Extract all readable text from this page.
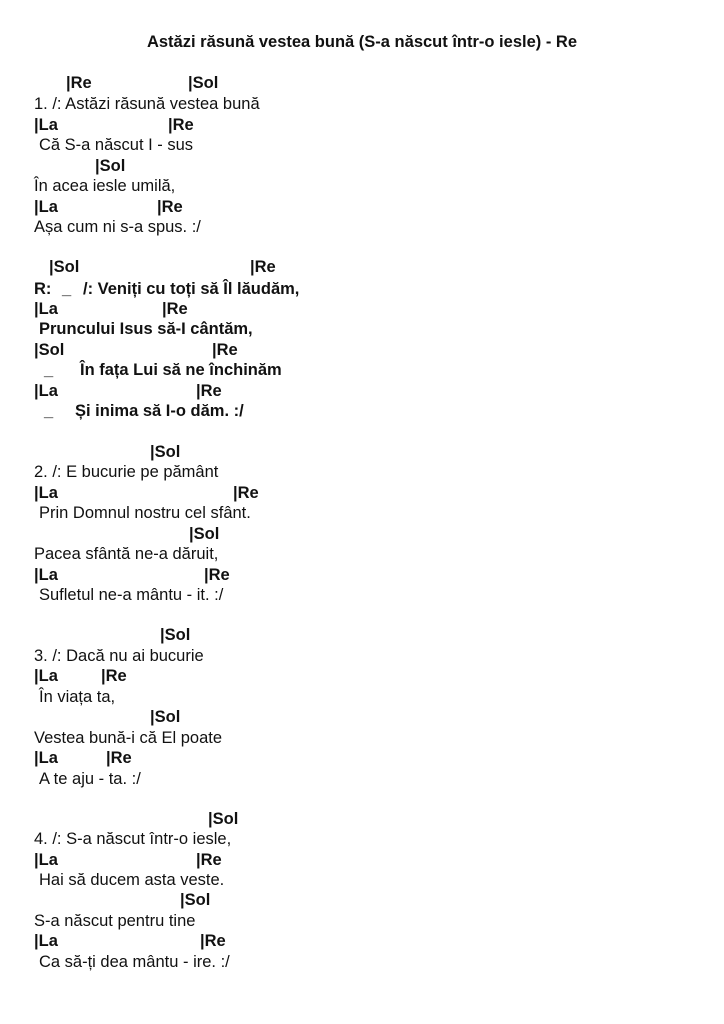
Astăzi răsună vestea bună (S-a născut într-o iesle) - Re
|Re	|Sol
1. /: Astăzi răsună vestea bună
|La	|Re
Că S-a născut I - sus
|Sol
În acea iesle umilă,
|La	|Re
Așa cum ni s-a spus. :/
|Sol	|Re
R: _ /: Veniți cu toți să Îl lăudăm,
|La	|Re
Pruncului Isus să-I cântăm,
|Sol	|Re
_ În fața Lui să ne închinăm
|La	|Re
_ Și inima să I-o dăm. :/
|Sol
2. /: E bucurie pe pământ
|La	|Re
Prin Domnul nostru cel sfânt.
|Sol
Pacea sfântă ne-a dăruit,
|La	|Re
Sufletul ne-a mântu - it. :/
|Sol
3. /: Dacă nu ai bucurie
|La	|Re
În viața ta,
|Sol
Vestea bună-i că El poate
|La	|Re
A te aju - ta. :/
|Sol
4. /: S-a născut într-o iesle,
|La	|Re
Hai să ducem asta veste.
|Sol
S-a născut pentru tine
|La	|Re
Ca să-ți dea mântu - ire. :/
